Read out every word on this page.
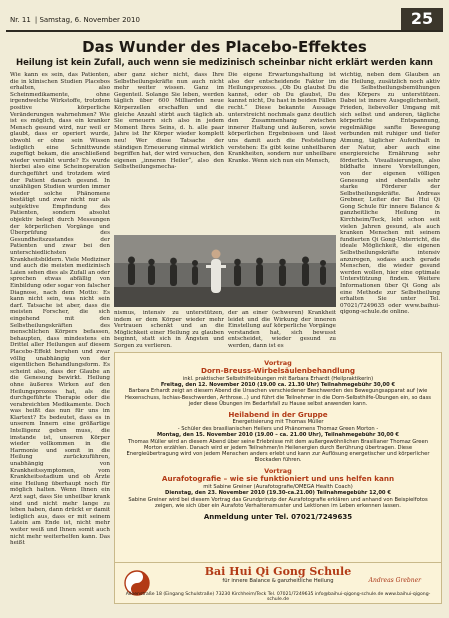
Nr. 11 | Samstag, 6. November 2010	25
Das Wunder des Placebo-Effektes
Heilung ist kein Zufall, auch wenn sie medizinisch scheinbar nicht erklärt werden kann

Wie kann es sein, das Patienten, die in klinischen Studien Placebos erhalten, also Scheinmedikamente, ohne irgendwelche Wirkstoffe, trotzdem positive körperliche Veränderungen wahrnehmen? Wie ist es möglich, dass ein kranker Mensch gesund wird, nur weil er glaubt, dass er operiert wurde, obwohl er ohne sein Wissen lediglich eine Schnittwunde zugefügt bekam, die anschließend wieder vernäht wurde? Es wurde hierbei also eine Scheinoperation durchgeführt und trotzdem wird der Patient danach gesund. In unzähligen Studien wurden immer wieder solche Phänomene bestätigt und zwar nicht nur als subjektive Empfindung des Patienten, sondern absolut objektiv belegt durch Messungen der körperlichen Vorgänge und Überprüfung des Gesundheitszustandes der Patienten und zwar bei den unterschiedlichsten Krankheitsbildern. Viele Mediziner und auch die meisten medizinisch Laien sehen dies als Zufall an oder sprechen etwas abfällig von Einbildung oder sogar von falscher Diagnose, nach dem Motto: Es kann nicht sein, was nicht sein darf. Tatsache ist aber, dass die meisten Forscher, die sich eingehend mit den Selbstheilungskräften des menschlichen Körpers befassen, behaupten, dass mindestens ein Drittel aller Heilungen auf diesem Placebo-Effekt beruhen und zwar völlig unabhängig von der eigentlichen Behandlungsform. Es scheint also, dass der Glaube an die Genesung bewirkt. Heilung ohne äußeres Wirken auf den Heilungsprozess hat, als die durchgeführte Therapie oder die verabreichten Medikamente. Doch was heißt das nun für uns im Klartext? Es bedeutet, dass es in unserem Innern eine größartige Intelligenz geben muss, die imstande ist, unseren Körper wieder vollkommen in die Harmonie und somit in die Heilung zurückzuführen, unabhängig von Krankheitssymptomen, vom Krankheitsstadium und ob Ärzte eine Heilung überhaupt noch für möglich halten. Wenn Ihnen ein Arzt sagt, dass Sie unheilbar krank sind und nicht mehr lange zu leben haben, dann drückt er damit lediglich aus, dass er mit seinem Latein am Ende ist, nicht mehr weiter weiß und Ihnen somit auch nicht mehr weiterhelfen kann. Das heißt

aber ganz sicher nicht, dass Ihre Selbstheilungskräfte nun auch nicht mehr weiter wissen. Ganz im Gegenteil. Solange Sie leben, werden täglich über 600 Milliarden neue Körperzellen erschaffen und die gleiche Anzahl stirbt auch täglich ab. Sie erneuern sich also in jedem Moment Ihres Seins, d. h. alle paar Jahre ist Ihr Körper wieder komplett neu! Wer diese Tatsache der ständigen Erneuerung einmal wirklich begriffen hat, der wird versuchen, den eigenen „inneren Heiler“, also den Selbstheilungsmecha-

Die eigene Erwartungshaltung ist also der entscheidende Faktor im Heilungsprozess. „Ob Du glaubst Du kannst, oder ob Du glaubst, Du kannst nicht, Du hast in beiden Fällen recht.“ Diese bekannte Aussage unterstreicht nochmals ganz deutlich den Zusammenhang zwischen innerer Haltung und äußeren, sowie körperlichen Ergebnissen und lässt uns damit auch die Feststellung verstehen: Es gibt keine unheilbaren Krankheiten, sondern nur unheilbare Kranke. Wenn sich nun ein Mensch,

wichtig, neben dem Glauben an die Heilung, zusätzlich noch aktiv die Selbstheilungsbemühungen des Körpers zu unterstützen. Dabei ist innere Ausgeglichenheit, Frieden, liebevoller Umgang mit sich selbst und anderen, tägliche körperliche Entspannung, regelmäßige sanfte Bewegung verbunden mit ruhiger und tiefer Atmung, täglicher Aufenthalt in der Natur, aber auch eine energiereiche Ernährung sehr förderlich. Visualisierungen, also bildhafte innere Vorstellungen, von der eigenen völligen Genesung sind ebenfalls sehr starke Förderer der Selbstheilungskräfte. Andreas Grebner, Leiter der Bai Hui Qi Gong Schule für innere Balance & ganzheitliche Heilung in Kirchheim/Teck, lebt schon seit vielen Jahren gesund, als auch kranken Menschen mit seinem fundierten Qi Gong-Unterricht, die ideale Möglichkeit, die eigenen Selbstheilungskräfte intensiv anzuregen, sodass auch gerade Menschen, die wieder gesund werden wollen, hier eine optimale Unterstützung finden. Weitere Informationen über Qi Gong als eine Methode zur Selbstheilung erhalten Sie unter Tel. 07021/7249635 oder www.baihui-qigong-schule.de online.

nismus, intensiv zu unterstützen, indem er dem Körper wieder mehr Vertrauen schenkt und an die Möglichkeit einer Heilung zu glauben beginnt, statt sich in Ängsten und Sorgen zu verlieren.

der an einer (schweren) Krankheit leidet und die Wirkung der inneren Einstellung auf körperliche Vorgänge verstanden hat, sich bewusst entscheidet, wieder gesund zu werden, dann ist es

Vortrag
Dorn-Breuss-Wirbelsäulenbehandlung
inkl. praktischer Selbsthilfeübungen mit Barbara Erhardt (Heilpraktikerin)
Freitag, den 12. November 2010 (19.00 ca. 21.30 Uhr) Teilnahmegebühr 30,00 €
Barbara Erhardt zeigt an diesem Abend die Ursachen verschiedener Beschwerden des Bewegungsapparat auf (wie Hexenschuss, Ischias-Beschwerden, Arthrose...) und führt die Teilnehmer in die Dorn-Selbsthilfe-Übungen ein, so dass jeder diese Übungen im Bedarfsfall zu Hause selbst anwenden kann.
Heilabend in der Gruppe
Energetisierung mit Thomas Müller
- Schüler des brasilianischen Heilers und Phänomens Thomaz Green Morton -
Montag, den 15. November 2010 (19.00 – ca. 21.00 Uhr), Teilnahmegebühr 30,00 €
Thomas Müller wird an diesem Abend über seine Erlebnisse mit dem außergewöhnlichen Brasilianer Thomaz Green Morton erzählen. Danach wird er jedem Teilnehmer/in Heilenergien durch Berührung übertragen. Diese Energieübertragung wird von jedem Menschen anders erlebt und kann zur Auflösung energetischer und körperlicher Blockaden führen.
Vortrag
Aurafotografie – wie sie funktioniert und uns helfen kann
mit Sabine Greiner (Aurafotografie/OMEGA Health Coach)
Dienstag, den 23. November 2010 (19.30-ca.21.00) Teilnahmegebühr 12,00 €
Sabine Greiner wird bei diesem Vortrag das Grundprinzip der Aurafotografie erklären und anhand von Beispielfotos zeigen, wie sich über ein Aurafoto Verhaltensmuster und Lektionen im Leben erkennen lassen.
Anmeldung unter Tel. 07021/7249635
Bai Hui Qi Gong Schule
für innere Balance & ganzheitliche Heilung	Andreas Grebner
Alleenstraße 18 (Eingang Schulstraße) 73230 Kirchheim/Teck Tel. 07021/7249635 info@baihui-qigong-schule.de www.baihui-qigong-schule.de
